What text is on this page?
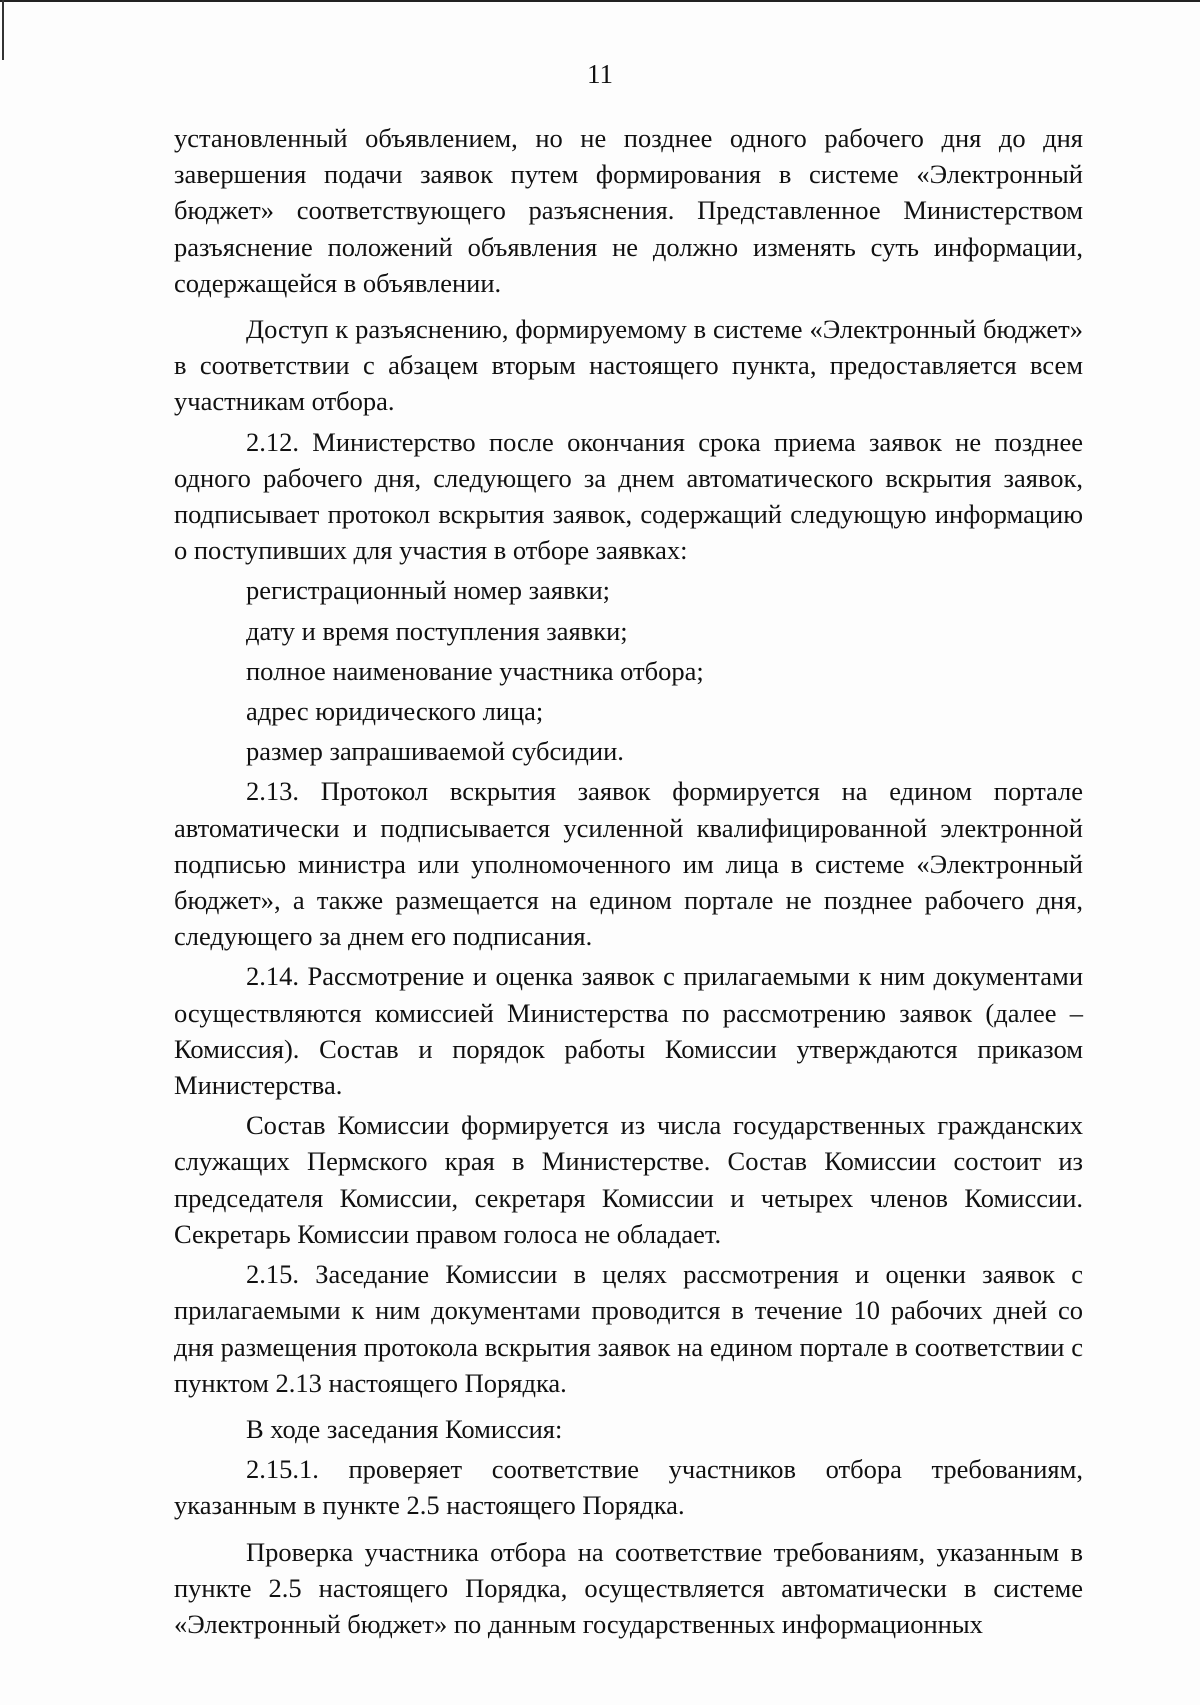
11

установленный объявлением, но не позднее одного рабочего дня до дня завершения подачи заявок путем формирования в системе «Электронный бюджет» соответствующего разъяснения. Представленное Министерством разъяснение положений объявления не должно изменять суть информации, содержащейся в объявлении.

Доступ к разъяснению, формируемому в системе «Электронный бюджет» в соответствии с абзацем вторым настоящего пункта, предоставляется всем участникам отбора.

2.12. Министерство после окончания срока приема заявок не позднее одного рабочего дня, следующего за днем автоматического вскрытия заявок, подписывает протокол вскрытия заявок, содержащий следующую информацию о поступивших для участия в отборе заявках:

регистрационный номер заявки;

дату и время поступления заявки;

полное наименование участника отбора;

адрес юридического лица;

размер запрашиваемой субсидии.

2.13. Протокол вскрытия заявок формируется на едином портале автоматически и подписывается усиленной квалифицированной электронной подписью министра или уполномоченного им лица в системе «Электронный бюджет», а также размещается на едином портале не позднее рабочего дня, следующего за днем его подписания.

2.14. Рассмотрение и оценка заявок с прилагаемыми к ним документами осуществляются комиссией Министерства по рассмотрению заявок (далее – Комиссия). Состав и порядок работы Комиссии утверждаются приказом Министерства.

Состав Комиссии формируется из числа государственных гражданских служащих Пермского края в Министерстве. Состав Комиссии состоит из председателя Комиссии, секретаря Комиссии и четырех членов Комиссии. Секретарь Комиссии правом голоса не обладает.

2.15. Заседание Комиссии в целях рассмотрения и оценки заявок с прилагаемыми к ним документами проводится в течение 10 рабочих дней со дня размещения протокола вскрытия заявок на едином портале в соответствии с пунктом 2.13 настоящего Порядка.

В ходе заседания Комиссия:

2.15.1. проверяет соответствие участников отбора требованиям, указанным в пункте 2.5 настоящего Порядка.

Проверка участника отбора на соответствие требованиям, указанным в пункте 2.5 настоящего Порядка, осуществляется автоматически в системе «Электронный бюджет» по данным государственных информационных
